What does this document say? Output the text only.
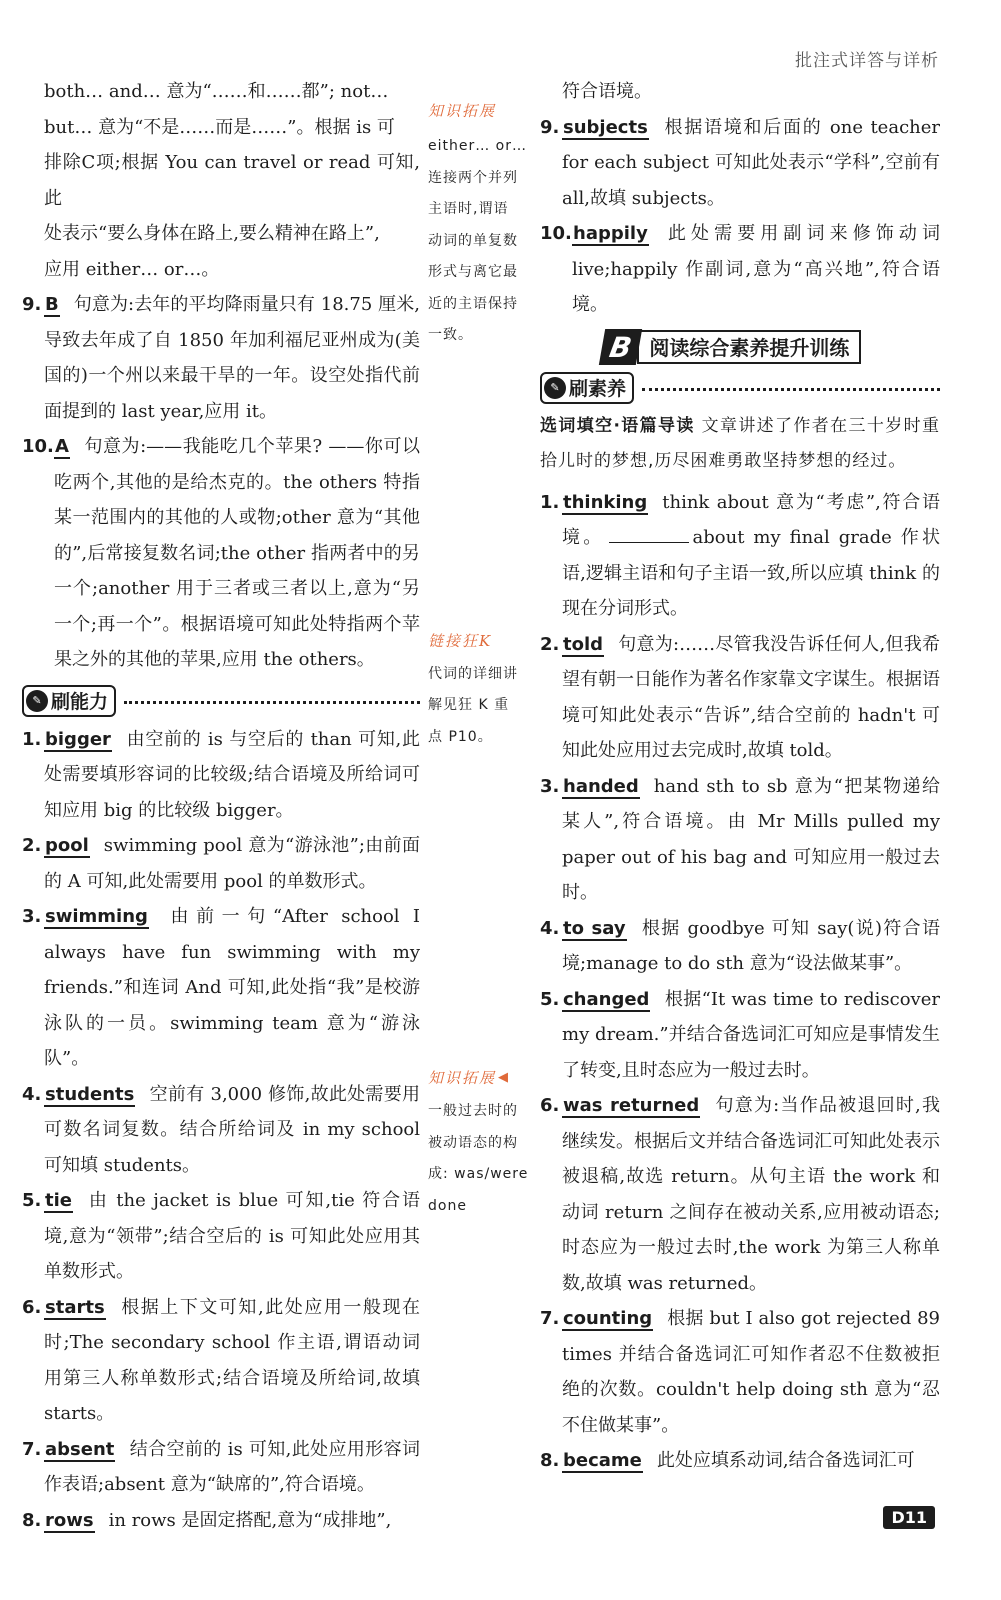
批注式详答与详析
both… and… 意为“……和……都”; not…
but… 意为“不是……而是……”。根据 is 可
排除C项;根据 You can travel or read 可知,此
处表示“要么身体在路上,要么精神在路上”,
应用 either… or…。
9. B 句意为:去年的平均降雨量只有 18.75 厘米,导致去年成了自 1850 年加利福尼亚州成为(美国的)一个州以来最干旱的一年。设空处指代前面提到的 last year,应用 it。
10. A 句意为:——我能吃几个苹果? ——你可以吃两个,其他的是给杰克的。the others 特指某一范围内的其他的人或物;other 意为“其他的”,后常接复数名词;the other 指两者中的另一个;another 用于三者或三者以上,意为“另一个;再一个”。根据语境可知此处特指两个苹果之外的其他的苹果,应用 the others。
✎ 刷能力
1. bigger 由空前的 is 与空后的 than 可知,此处需要填形容词的比较级;结合语境及所给词可知应用 big 的比较级 bigger。
2. pool swimming pool 意为“游泳池”;由前面的 A 可知,此处需要用 pool 的单数形式。
3. swimming 由前一句“After school I always have fun swimming with my friends.”和连词 And 可知,此处指“我”是校游泳队的一员。swimming team 意为“游泳队”。
4. students 空前有 3,000 修饰,故此处需要用可数名词复数。结合所给词及 in my school 可知填 students。
5. tie 由 the jacket is blue 可知,tie 符合语境,意为“领带”;结合空后的 is 可知此处应用其单数形式。
6. starts 根据上下文可知,此处应用一般现在时;The secondary school 作主语,谓语动词用第三人称单数形式;结合语境及所给词,故填 starts。
7. absent 结合空前的 is 可知,此处应用形容词作表语;absent 意为“缺席的”,符合语境。
8. rows in rows 是固定搭配,意为“成排地”,
知识拓展
either… or…
连接两个并列
主语时,谓语
动词的单复数
形式与离它最
近的主语保持
一致。
链接狂K
代词的详细讲
解见狂 K 重
点 P10。
知识拓展 ◀
一般过去时的
被动语态的构
成: was/were
done
符合语境。
9. subjects 根据语境和后面的 one teacher for each subject 可知此处表示“学科”,空前有 all,故填 subjects。
10. happily 此处需要用副词来修饰动词 live;happily 作副词,意为“高兴地”,符合语境。
B 阅读综合素养提升训练
✎ 刷素养
选词填空·语篇导读 文章讲述了作者在三十岁时重拾儿时的梦想,历尽困难勇敢坚持梦想的经过。
1. thinking think about 意为“考虑”,符合语境。	about my final grade 作状语,逻辑主语和句子主语一致,所以应填 think 的现在分词形式。
2. told 句意为:……尽管我没告诉任何人,但我希望有朝一日能作为著名作家靠文字谋生。根据语境可知此处表示“告诉”,结合空前的 hadn't 可知此处应用过去完成时,故填 told。
3. handed hand sth to sb 意为“把某物递给某人”,符合语境。由 Mr Mills pulled my paper out of his bag and 可知应用一般过去时。
4. to say 根据 goodbye 可知 say(说)符合语境;manage to do sth 意为“设法做某事”。
5. changed 根据“It was time to rediscover my dream.”并结合备选词汇可知应是事情发生了转变,且时态应为一般过去时。
6. was returned 句意为:当作品被退回时,我继续发。根据后文并结合备选词汇可知此处表示被退稿,故选 return。从句主语 the work 和动词 return 之间存在被动关系,应用被动语态;时态应为一般过去时,the work 为第三人称单数,故填 was returned。
7. counting 根据 but I also got rejected 89 times 并结合备选词汇可知作者忍不住数被拒绝的次数。couldn't help doing sth 意为“忍不住做某事”。
8. became 此处应填系动词,结合备选词汇可
D11
